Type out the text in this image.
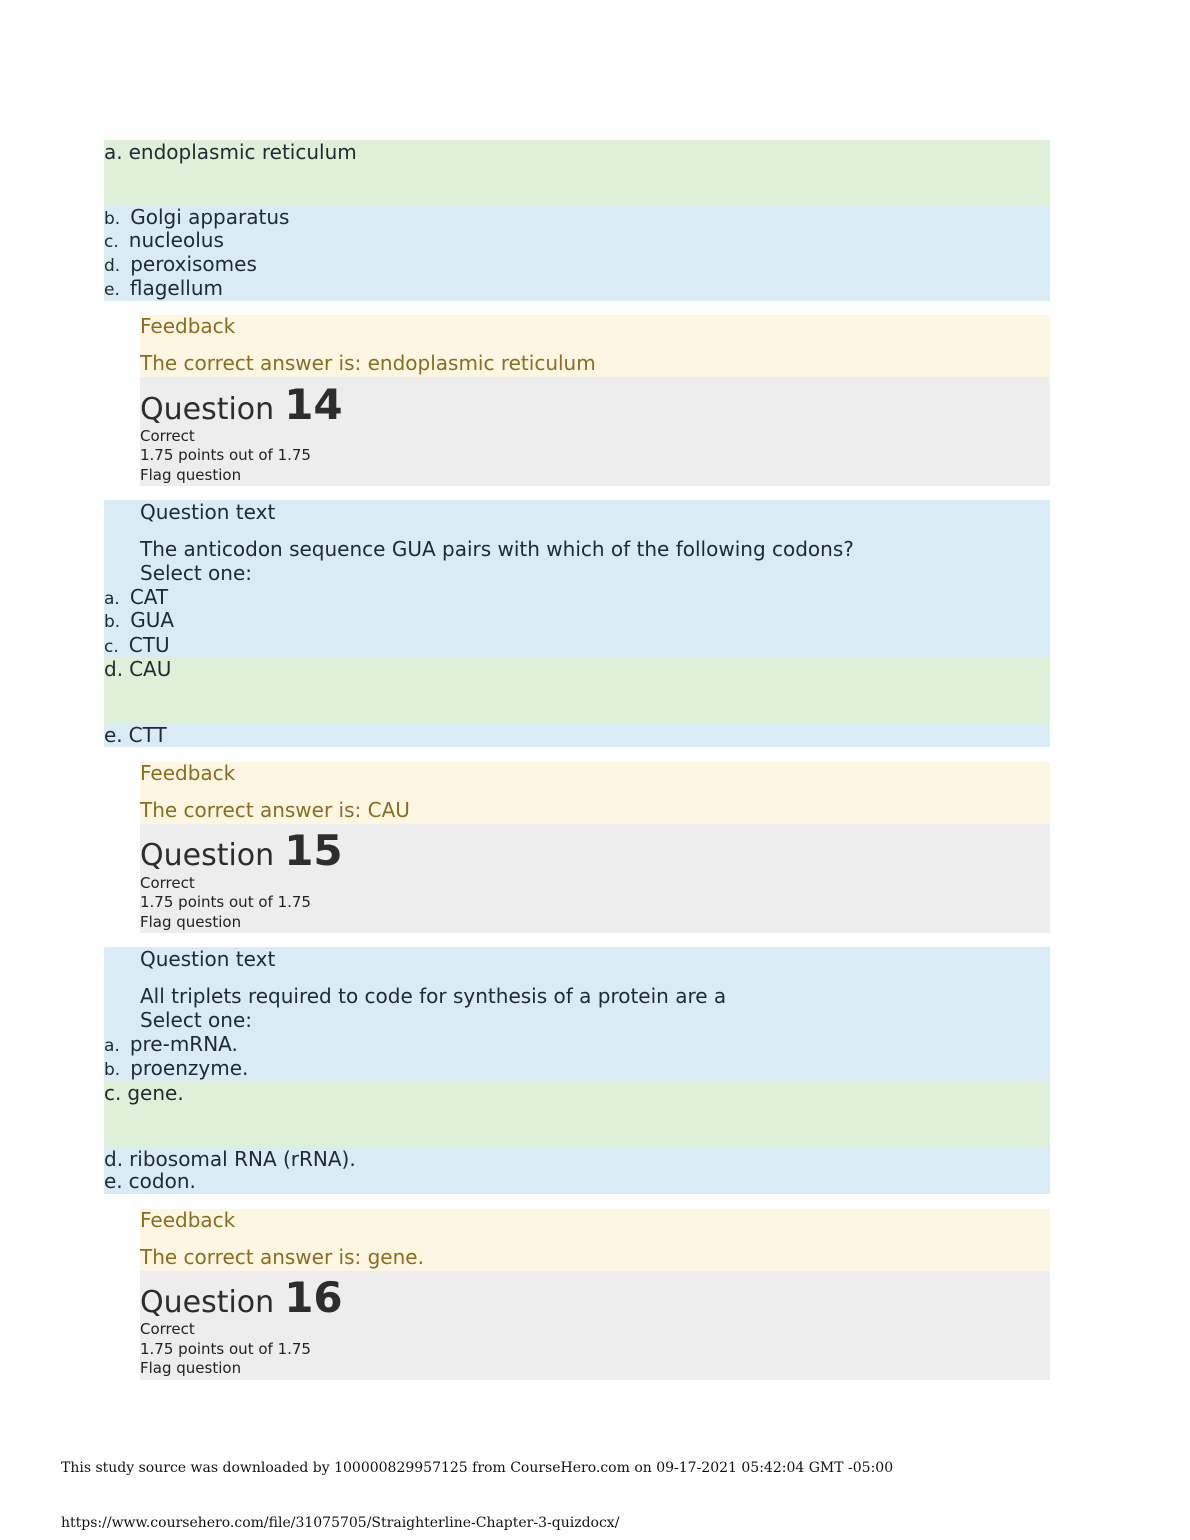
a. endoplasmic reticulum
b. Golgi apparatus
c. nucleolus
d. peroxisomes
e. flagellum
Feedback
The correct answer is: endoplasmic reticulum
Question 14
Correct
1.75 points out of 1.75
Flag question
Question text
The anticodon sequence GUA pairs with which of the following codons?
Select one:
a. CAT
b. GUA
c. CTU
d. CAU
e. CTT
Feedback
The correct answer is: CAU
Question 15
Correct
1.75 points out of 1.75
Flag question
Question text
All triplets required to code for synthesis of a protein are a
Select one:
a. pre-mRNA.
b. proenzyme.
c. gene.
d. ribosomal RNA (rRNA).
e. codon.
Feedback
The correct answer is: gene.
Question 16
Correct
1.75 points out of 1.75
Flag question
This study source was downloaded by 100000829957125 from CourseHero.com on 09-17-2021 05:42:04 GMT -05:00
https://www.coursehero.com/file/31075705/Straighterline-Chapter-3-quizdocx/
